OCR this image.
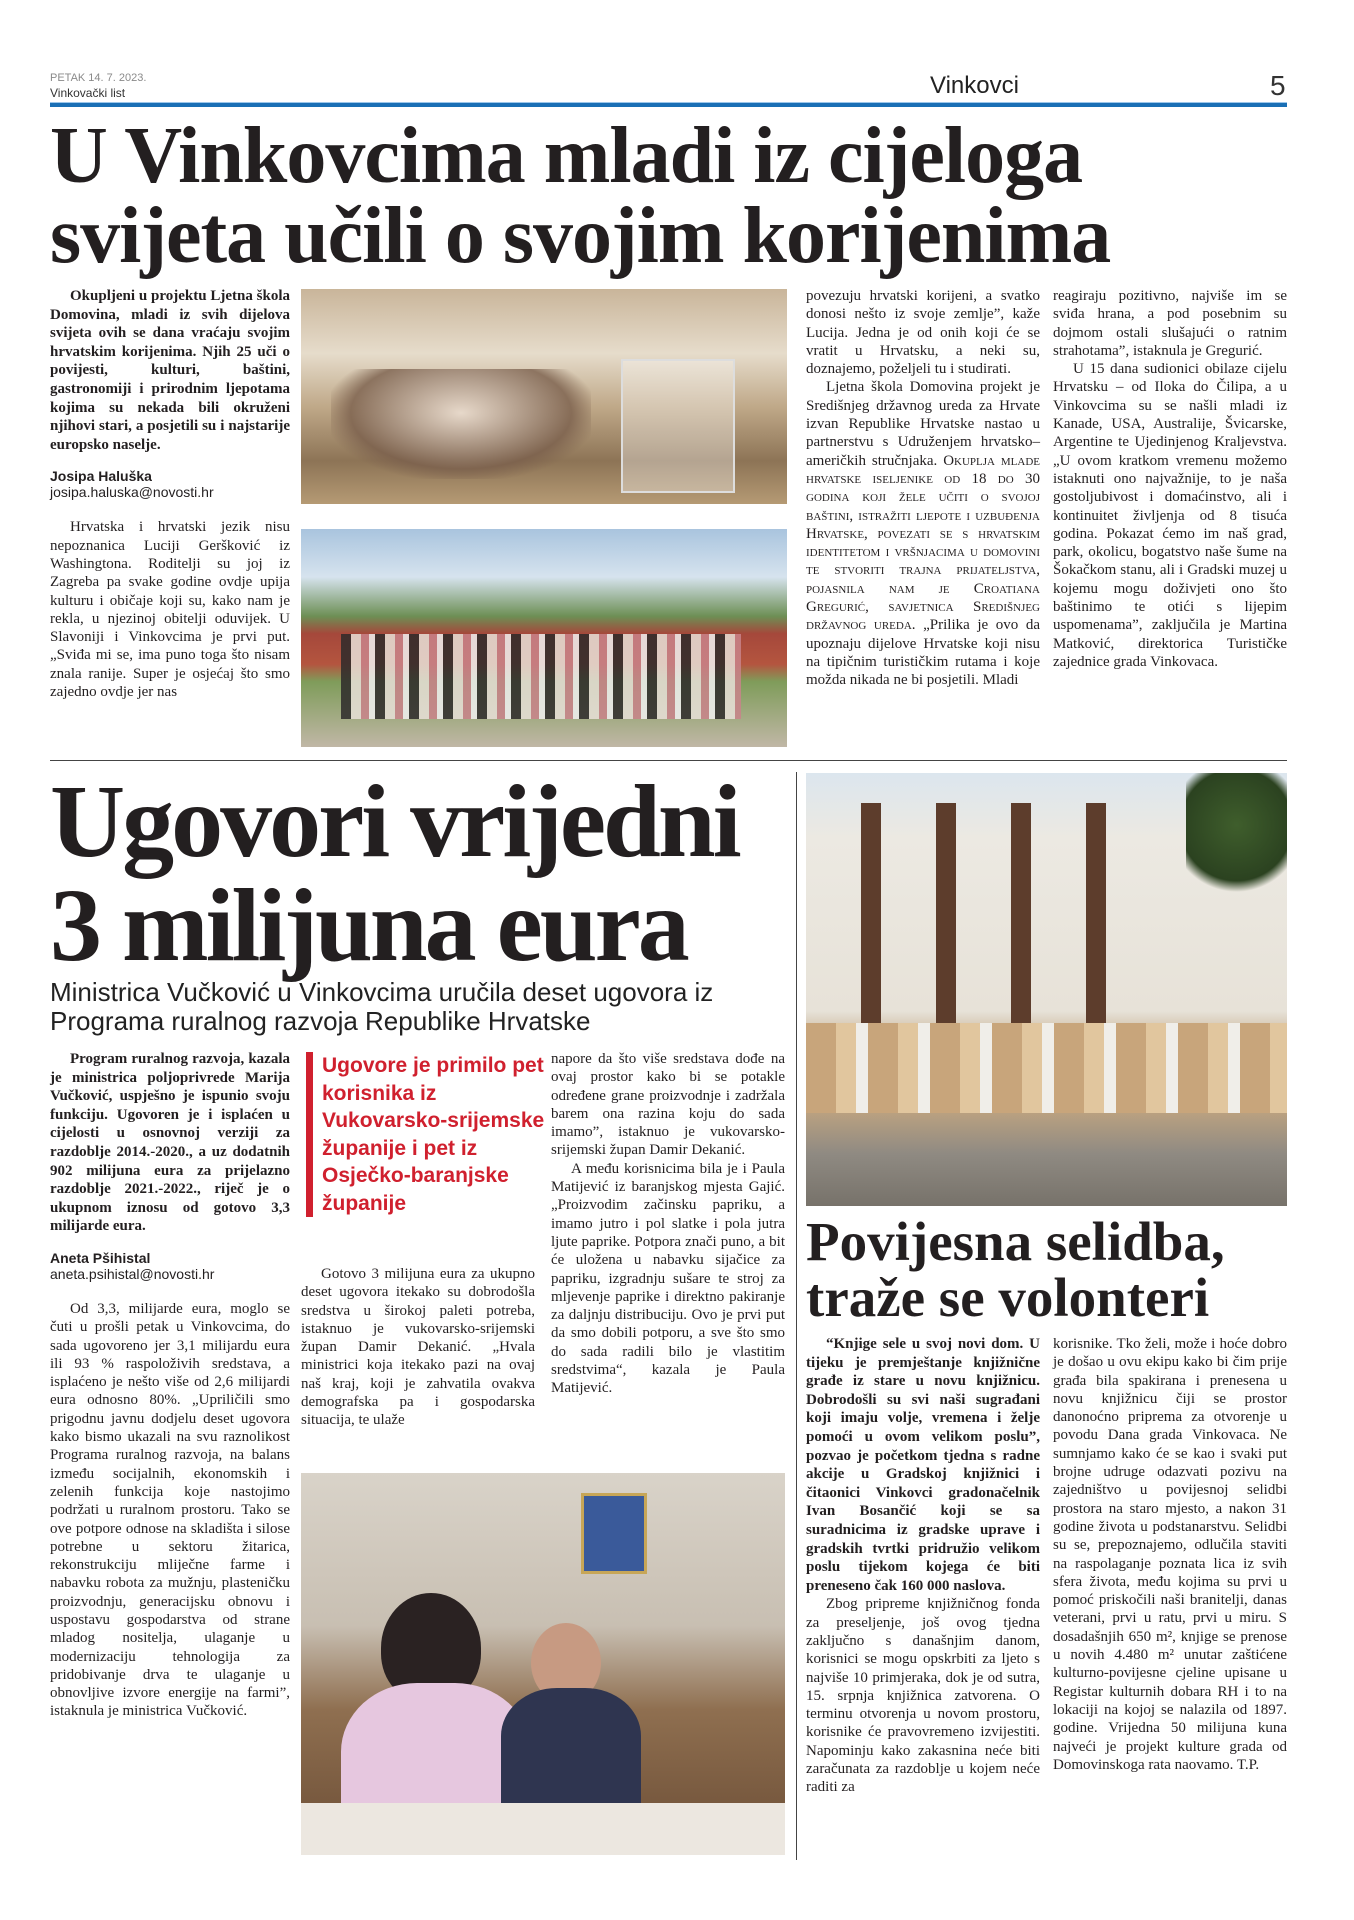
PETAK 14. 7. 2023.
Vinkovački list	Vinkovci	5
U Vinkovcima mladi iz cijeloga
svijeta učili o svojim korijenima

Okupljeni u projektu Ljetna škola Domovina, mladi iz svih dijelova svijeta ovih se dana vraćaju svojim hrvatskim korijenima. Njih 25 uči o povijesti, kulturi, baštini, gastronomiji i prirodnim ljepotama kojima su nekada bili okruženi njihovi stari, a posjetili su i najstarije europsko naselje.

Josipa Haluška
josipa.haluska@novosti.hr

Hrvatska i hrvatski jezik nisu nepoznanica Luciji Geršković iz Washingtona. Roditelji su joj iz Zagreba pa svake godine ovdje upija kulturu i običaje koji su, kako nam je rekla, u njezinoj obitelji oduvijek. U Slavoniji i Vinkovcima je prvi put. „Sviđa mi se, ima puno toga što nisam znala ranije. Super je osjećaj što smo zajedno ovdje jer nas

povezuju hrvatski korijeni, a svatko donosi nešto iz svoje zemlje”, kaže Lucija. Jedna je od onih koji će se vratit u Hrvatsku, a neki su, doznajemo, poželjeli tu i studirati.

Ljetna škola Domovina projekt je Središnjeg državnog ureda za Hrvate izvan Republike Hrvatske nastao u partnerstvu s Udruženjem hrvatsko–američkih stručnjaka. Okuplja mlade hrvatske iseljenike od 18 do 30 godina koji žele učiti o svojoj baštini, istražiti ljepote i uzbuđenja Hrvatske, povezati se s hrvatskim identitetom i vršnjacima u domovini te stvoriti trajna prijateljstva, pojasnila nam je Croatiana Gregurić, savjetnica Središnjeg državnog ureda. „Prilika je ovo da upoznaju dijelove Hrvatske koji nisu na tipičnim turističkim rutama i koje možda nikada ne bi posjetili. Mladi

reagiraju pozitivno, najviše im se sviđa hrana, a pod posebnim su dojmom ostali slušajući o ratnim strahotama”, istaknula je Gregurić.

U 15 dana sudionici obilaze cijelu Hrvatsku – od Iloka do Čilipa, a u Vinkovcima su se našli mladi iz Kanade, USA, Australije, Švicarske, Argentine te Ujedinjenog Kraljevstva. „U ovom kratkom vremenu možemo istaknuti ono najvažnije, to je naša gostoljubivost i domaćinstvo, ali i kontinuitet življenja od 8 tisuća godina. Pokazat ćemo im naš grad, park, okolicu, bogatstvo naše šume na Šokačkom stanu, ali i Gradski muzej u kojemu mogu doživjeti ono što baštinimo te otići s lijepim uspomenama”, zaključila je Martina Matković, direktorica Turističke zajednice grada Vinkovaca.

Ugovori vrijedni
3 milijuna eura
Ministrica Vučković u Vinkovcima uručila deset ugovora iz Programa ruralnog razvoja Republike Hrvatske

Program ruralnog razvoja, kazala je ministrica poljoprivrede Marija Vučković, uspješno je ispunio svoju funkciju. Ugovoren je i isplaćen u cijelosti u osnovnoj verziji za razdoblje 2014.-2020., a uz dodatnih 902 milijuna eura za prijelazno razdoblje 2021.-2022., riječ je o ukupnom iznosu od gotovo 3,3 milijarde eura.

Aneta Pšihistal
aneta.psihistal@novosti.hr

Od 3,3, milijarde eura, moglo se čuti u prošli petak u Vinkovcima, do sada ugovoreno jer 3,1 milijardu eura ili 93 % raspoloživih sredstava, a isplaćeno je nešto više od 2,6 milijardi eura odnosno 80%. „Upriličili smo prigodnu javnu dodjelu deset ugovora kako bismo ukazali na svu raznolikost Programa ruralnog razvoja, na balans između socijalnih, ekonomskih i zelenih funkcija koje nastojimo podržati u ruralnom prostoru. Tako se ove potpore odnose na skladišta i silose potrebne u sektoru žitarica, rekonstrukciju mliječne farme i nabavku robota za mužnju, plasteničku proizvodnju, generacijsku obnovu i uspostavu gospodarstva od strane mladog nositelja, ulaganje u modernizaciju tehnologija za pridobivanje drva te ulaganje u obnovljive izvore energije na farmi”, istaknula je ministrica Vučković.

Ugovore je primilo pet korisnika iz Vukovarsko-srijemske županije i pet iz Osječko-baranjske županije

Gotovo 3 milijuna eura za ukupno deset ugovora itekako su dobrodošla sredstva u širokoj paleti potreba, istaknuo je vukovarsko-srijemski župan Damir Dekanić. „Hvala ministrici koja itekako pazi na ovaj naš kraj, koji je zahvatila ovakva demografska pa i gospodarska situacija, te ulaže

napore da što više sredstava dođe na ovaj prostor kako bi se potakle određene grane proizvodnje i zadržala barem ona razina koju do sada imamo”, istaknuo je vukovarsko-srijemski župan Damir Dekanić.

A među korisnicima bila je i Paula Matijević iz baranjskog mjesta Gajić. „Proizvodim začinsku papriku, a imamo jutro i pol slatke i pola jutra ljute paprike. Potpora znači puno, a bit će uložena u nabavku sijačice za papriku, izgradnju sušare te stroj za mljevenje paprike i direktno pakiranje za daljnju distribuciju. Ovo je prvi put da smo dobili potporu, a sve što smo do sada radili bilo je vlastitim sredstvima“, kazala je Paula Matijević.

Povijesna selidba,
traže se volonteri

“Knjige sele u svoj novi dom. U tijeku je premještanje knjižnične građe iz stare u novu knjižnicu. Dobrodošli su svi naši sugrađani koji imaju volje, vremena i želje pomoći u ovom velikom poslu”, pozvao je početkom tjedna s radne akcije u Gradskoj knjižnici i čitaonici Vinkovci gradonačelnik Ivan Bosančić koji se sa suradnicima iz gradske uprave i gradskih tvrtki pridružio velikom poslu tijekom kojega će biti preneseno čak 160 000 naslova.

Zbog pripreme knjižničnog fonda za preseljenje, još ovog tjedna zaključno s današnjim danom, korisnici se mogu opskrbiti za ljeto s najviše 10 primjeraka, dok je od sutra, 15. srpnja knjižnica zatvorena. O terminu otvorenja u novom prostoru, korisnike će pravovremeno izvijestiti. Napominju kako zakasnina neće biti zaračunata za razdoblje u kojem neće raditi za

korisnike. Tko želi, može i hoće dobro je došao u ovu ekipu kako bi čim prije građa bila spakirana i prenesena u novu knjižnicu čiji se prostor danonoćno priprema za otvorenje u povodu Dana grada Vinkovaca. Ne sumnjamo kako će se kao i svaki put brojne udruge odazvati pozivu na zajedništvo u povijesnoj selidbi prostora na staro mjesto, a nakon 31 godine života u podstanarstvu. Selidbi su se, prepoznajemo, odlučila staviti na raspolaganje poznata lica iz svih sfera života, među kojima su prvi u pomoć priskočili naši branitelji, danas veterani, prvi u ratu, prvi u miru. S dosadašnjih 650 m², knjige se prenose u novih 4.480 m² unutar zaštićene kulturno-povijesne cjeline upisane u Registar kulturnih dobara RH i to na lokaciji na kojoj se nalazila od 1897. godine. Vrijedna 50 milijuna kuna najveći je projekt kulture grada od Domovinskoga rata naovamo. T.P.
